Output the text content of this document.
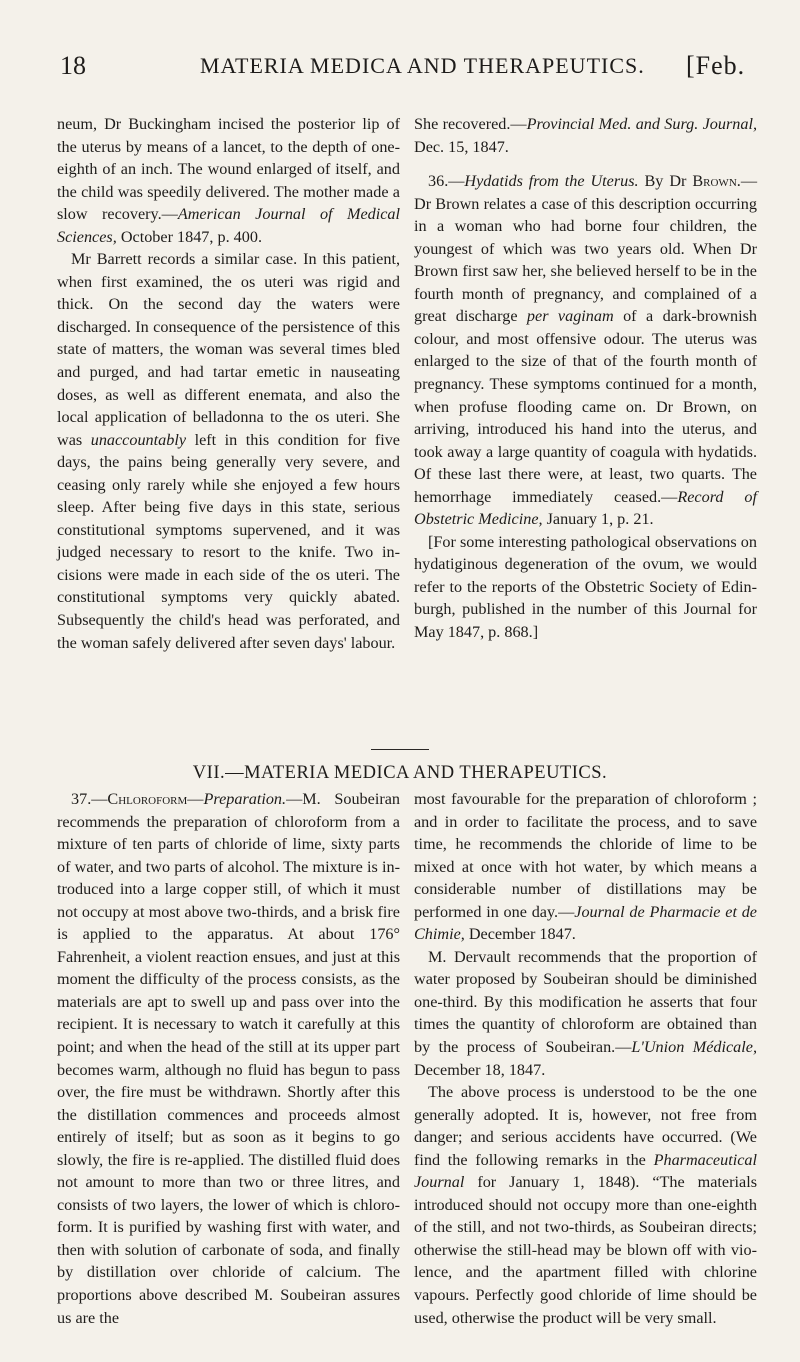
18	MATERIA MEDICA AND THERAPEUTICS. [Feb.

neum, Dr Buckingham incised the posterior lip of the uterus by means of a lancet, to the depth of one-eighth of an inch. The wound enlarged of itself, and the child was speedily delivered. The mother made a slow recovery.—American Journal of Medical Sciences, October 1847, p. 400.

Mr Barrett records a similar case. In this patient, when first examined, the os uteri was rigid and thick. On the second day the waters were discharged. In consequence of the persistence of this state of matters, the woman was several times bled and purged, and had tartar emetic in nauseating doses, as well as different enemata, and also the local application of belladonna to the os uteri. She was unaccountably left in this condition for five days, the pains being generally very severe, and ceasing only rarely while she enjoyed a few hours sleep. After being five days in this state, serious constitutional symptoms supervened, and it was judged necessary to resort to the knife. Two incisions were made in each side of the os uteri. The constitutional symptoms very quickly abated. Subsequently the child's head was perforated, and the woman safely delivered after seven days' labour.

She recovered.—Provincial Med. and Surg. Journal, Dec. 15, 1847.

36.—Hydatids from the Uterus. By Dr Brown.—Dr Brown relates a case of this description occurring in a woman who had borne four children, the youngest of which was two years old. When Dr Brown first saw her, she believed herself to be in the fourth month of pregnancy, and complained of a great discharge per vaginam of a dark-brownish colour, and most offensive odour. The uterus was enlarged to the size of that of the fourth month of pregnancy. These symptoms continued for a month, when profuse flooding came on. Dr Brown, on arriving, introduced his hand into the uterus, and took away a large quantity of coagula with hydatids. Of these last there were, at least, two quarts. The hemorrhage immediately ceased.—Record of Obstetric Medicine, January 1, p. 21.

[For some interesting pathological observations on hydatiginous degeneration of the ovum, we would refer to the reports of the Obstetric Society of Edinburgh, published in the number of this Journal for May 1847, p. 868.]

VII.—MATERIA MEDICA AND THERAPEUTICS.

37.—Chloroform—Preparation.—M. Soubeiran recommends the preparation of chloroform from a mixture of ten parts of chloride of lime, sixty parts of water, and two parts of alcohol. The mixture is introduced into a large copper still, of which it must not occupy at most above two-thirds, and a brisk fire is applied to the apparatus. At about 176° Fahrenheit, a violent reaction ensues, and just at this moment the difficulty of the process consists, as the materials are apt to swell up and pass over into the recipient. It is necessary to watch it carefully at this point; and when the head of the still at its upper part becomes warm, although no fluid has begun to pass over, the fire must be withdrawn. Shortly after this the distillation commences and proceeds almost entirely of itself; but as soon as it begins to go slowly, the fire is re-applied. The distilled fluid does not amount to more than two or three litres, and consists of two layers, the lower of which is chloroform. It is purified by washing first with water, and then with solution of carbonate of soda, and finally by distillation over chloride of calcium. The proportions above described M. Soubeiran assures us are the

most favourable for the preparation of chloroform ; and in order to facilitate the process, and to save time, he recommends the chloride of lime to be mixed at once with hot water, by which means a considerable number of distillations may be performed in one day.—Journal de Pharmacie et de Chimie, December 1847.

M. Dervault recommends that the proportion of water proposed by Soubeiran should be diminished one-third. By this modification he asserts that four times the quantity of chloroform are obtained than by the process of Soubeiran.—L'Union Médicale, December 18, 1847.

The above process is understood to be the one generally adopted. It is, however, not free from danger; and serious accidents have occurred. (We find the following remarks in the Pharmaceutical Journal for January 1, 1848). “The materials introduced should not occupy more than one-eighth of the still, and not two-thirds, as Soubeiran directs; otherwise the still-head may be blown off with violence, and the apartment filled with chlorine vapours. Perfectly good chloride of lime should be used, otherwise the product will be very small.
